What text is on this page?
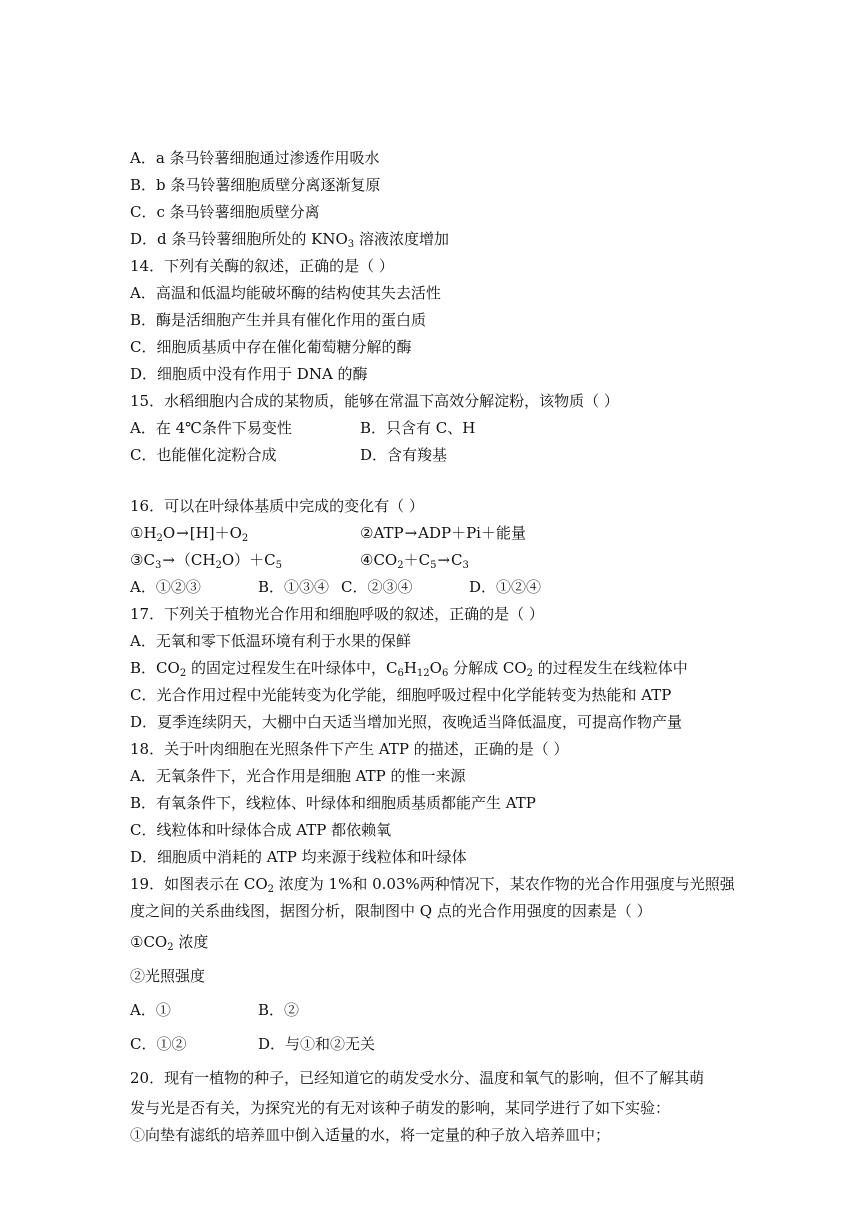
A．a 条马铃薯细胞通过渗透作用吸水
B．b 条马铃薯细胞质壁分离逐渐复原
C．c 条马铃薯细胞质壁分离
D．d 条马铃薯细胞所处的 $KNO_3$ 溶液浓度增加
14．下列有关酶的叙述，正确的是（ ）
A．高温和低温均能破坏酶的结构使其失去活性
B．酶是活细胞产生并具有催化作用的蛋白质
C．细胞质基质中存在催化葡萄糖分解的酶
D．细胞质中没有作用于 DNA 的酶
15．水稻细胞内合成的某物质，能够在常温下高效分解淀粉，该物质（ ）
A．在 4℃条件下易变性	B．只含有 C、H
C．也能催化淀粉合成	D．含有羧基
16．可以在叶绿体基质中完成的变化有（ ）
$①H_2O\to[H]+O_2$	②ATP→ADP＋Pi＋能量
$③C_3\to(CH_2O)+C_5$	$④CO_2+C_5\to C_3$
A．①②③	B．①③④ C．②③④	D．①②④
17．下列关于植物光合作用和细胞呼吸的叙述，正确的是（ ）
A．无氧和零下低温环境有利于水果的保鲜
B．$CO_2$ 的固定过程发生在叶绿体中，$C_6H_{12}O_6$ 分解成 $CO_2$ 的过程发生在线粒体中
C．光合作用过程中光能转变为化学能，细胞呼吸过程中化学能转变为热能和 ATP
D．夏季连续阴天，大棚中白天适当增加光照，夜晚适当降低温度，可提高作物产量
18．关于叶肉细胞在光照条件下产生 ATP 的描述，正确的是（ ）
A．无氧条件下，光合作用是细胞 ATP 的惟一来源
B．有氧条件下，线粒体、叶绿体和细胞质基质都能产生 ATP
C．线粒体和叶绿体合成 ATP 都依赖氧
D．细胞质中消耗的 ATP 均来源于线粒体和叶绿体
19．如图表示在 $CO_2$ 浓度为 1%和 0.03%两种情况下，某农作物的光合作用强度与光照强
度之间的关系曲线图，据图分析，限制图中 Q 点的光合作用强度的因素是（ ）
$①CO_2$ 浓度
②光照强度
A．①	B．②
C．①②	D．与①和②无关
20．现有一植物的种子，已经知道它的萌发受水分、温度和氧气的影响，但不了解其萌
发与光是否有关，为探究光的有无对该种子萌发的影响，某同学进行了如下实验：
①向垫有滤纸的培养皿中倒入适量的水，将一定量的种子放入培养皿中；
